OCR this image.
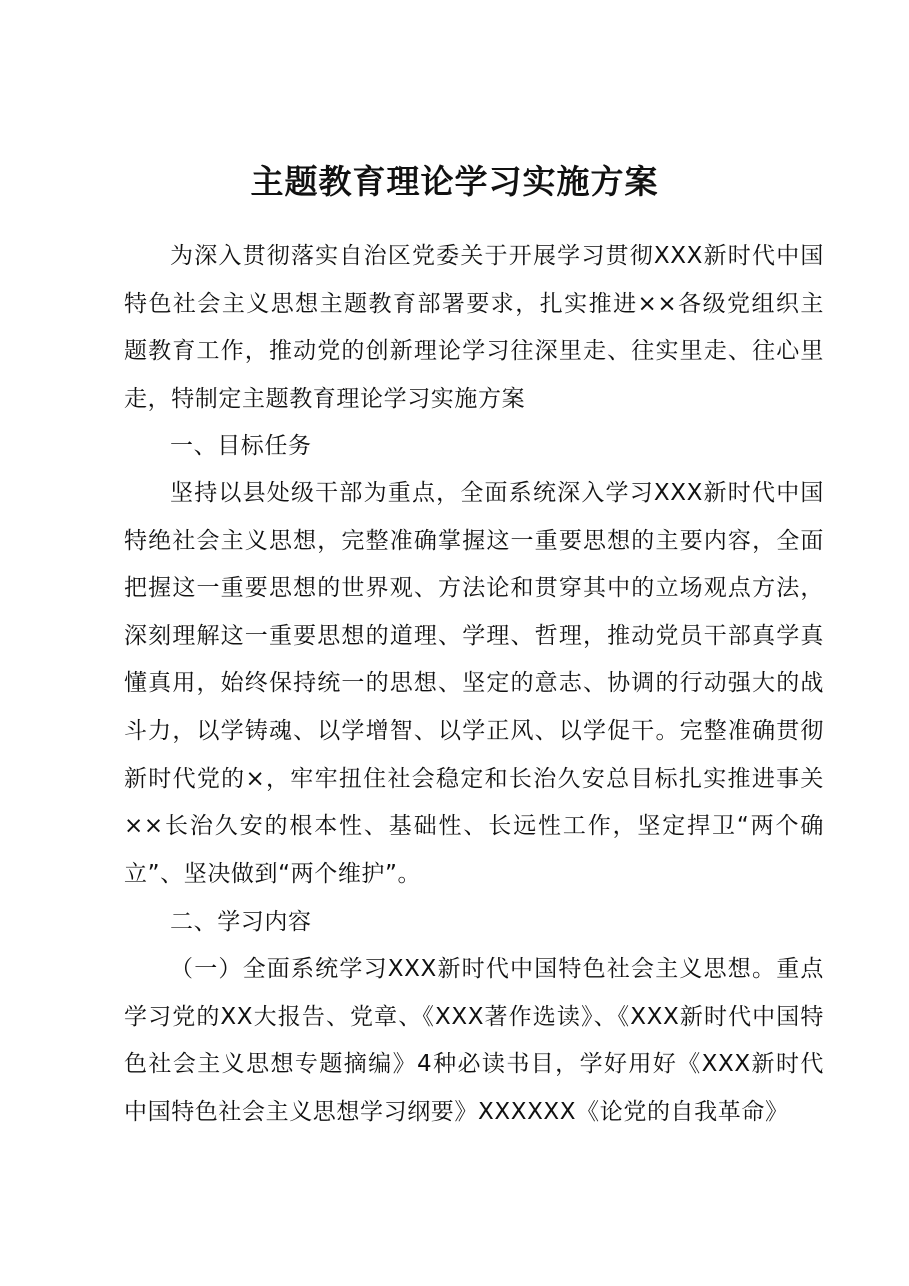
主题教育理论学习实施方案

为深入贯彻落实自治区党委关于开展学习贯彻XXX新时代中国特色社会主义思想主题教育部署要求，扎实推进××各级党组织主题教育工作，推动党的创新理论学习往深里走、往实里走、往心里走，特制定主题教育理论学习实施方案

一、目标任务

坚持以县处级干部为重点，全面系统深入学习XXX新时代中国特绝社会主义思想，完整准确掌握这一重要思想的主要内容，全面把握这一重要思想的世界观、方法论和贯穿其中的立场观点方法，深刻理解这一重要思想的道理、学理、哲理，推动党员干部真学真懂真用，始终保持统一的思想、坚定的意志、协调的行动强大的战斗力，以学铸魂、以学增智、以学正风、以学促干。完整准确贯彻新时代党的×，牢牢扭住社会稳定和长治久安总目标扎实推进事关××长治久安的根本性、基础性、长远性工作，坚定捍卫“两个确立”、坚决做到“两个维护”。

二、学习内容

（一）全面系统学习XXX新时代中国特色社会主义思想。重点学习党的XX大报告、党章、《XXX著作选读》、《XXX新时代中国特色社会主义思想专题摘编》4种必读书目，学好用好《XXX新时代中国特色社会主义思想学习纲要》XXXXXX《论党的自我革命》
